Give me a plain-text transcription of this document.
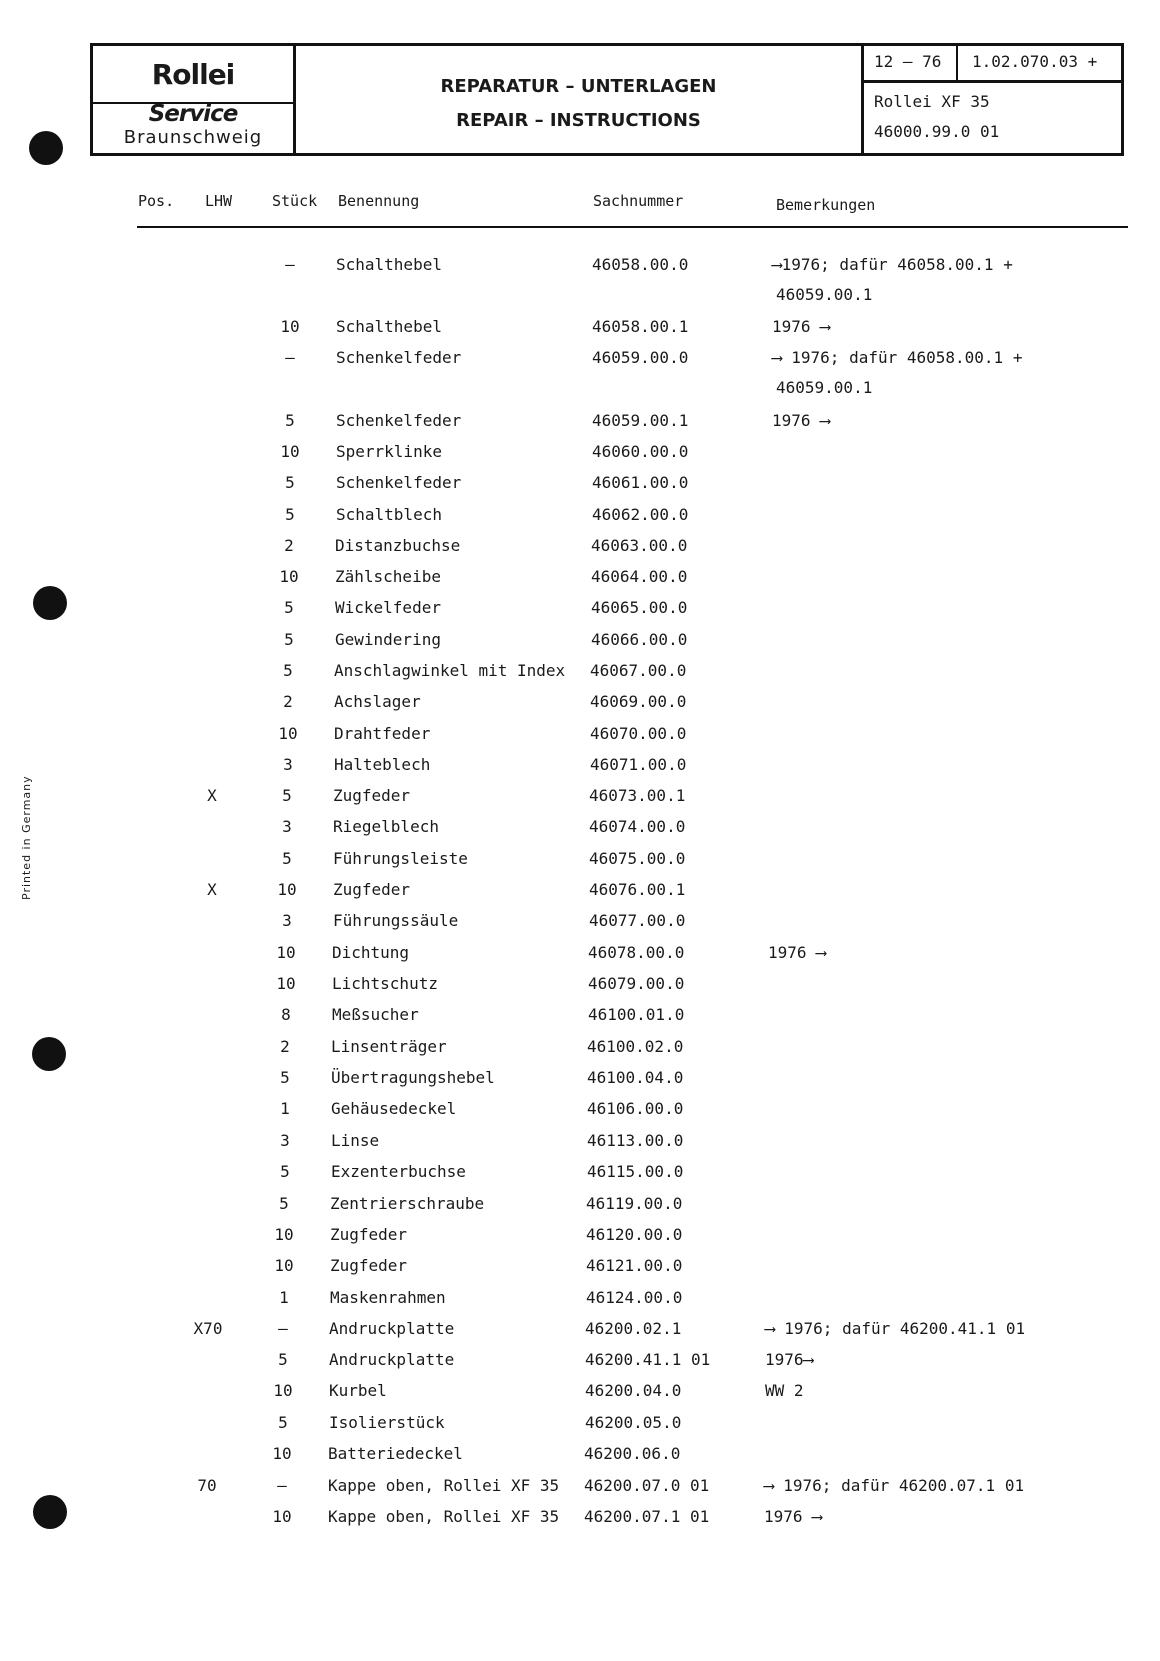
Printed in Germany
Rollei
Service
Braunschweig
REPARATUR – UNTERLAGEN
REPAIR – INSTRUCTIONS
12 – 76 1.02.070.03 +
Rollei XF 35
46000.99.0 01
Pos. LHW	Stück Benennung	Sachnummer	Bemerkungen
–	Schalthebel	46058.00.0	⟶1976; dafür 46058.00.1 +
46059.00.1
10	Schalthebel	46058.00.1	1976 ⟶
–	Schenkelfeder	46059.00.0	⟶ 1976; dafür 46058.00.1 +
46059.00.1
5	Schenkelfeder	46059.00.1	1976 ⟶
10	Sperrklinke	46060.00.0
5	Schenkelfeder	46061.00.0
5	Schaltblech	46062.00.0
2	Distanzbuchse	46063.00.0
10	Zählscheibe	46064.00.0
5	Wickelfeder	46065.00.0
5	Gewindering	46066.00.0
5	Anschlagwinkel mit Index 46067.00.0
2	Achslager	46069.00.0
10	Drahtfeder	46070.00.0
3	Halteblech	46071.00.0
X	5	Zugfeder	46073.00.1
3	Riegelblech	46074.00.0
5	Führungsleiste	46075.00.0
X	10	Zugfeder	46076.00.1
3	Führungssäule	46077.00.0
10	Dichtung	46078.00.0	1976 ⟶
10	Lichtschutz	46079.00.0
8	Meßsucher	46100.01.0
2	Linsenträger	46100.02.0
5	Übertragungshebel	46100.04.0
1	Gehäusedeckel	46106.00.0
3	Linse	46113.00.0
5	Exzenterbuchse	46115.00.0
5	Zentrierschraube	46119.00.0
10	Zugfeder	46120.00.0
10	Zugfeder	46121.00.0
1	Maskenrahmen	46124.00.0
X70	–	Andruckplatte	46200.02.1	⟶ 1976; dafür 46200.41.1 01
5	Andruckplatte	46200.41.1 01	1976⟶
10	Kurbel	46200.04.0	WW 2
5	Isolierstück	46200.05.0
10	Batteriedeckel	46200.06.0
70	–	Kappe oben, Rollei XF 35 46200.07.0 01	⟶ 1976; dafür 46200.07.1 01
10	Kappe oben, Rollei XF 35 46200.07.1 01	1976 ⟶
